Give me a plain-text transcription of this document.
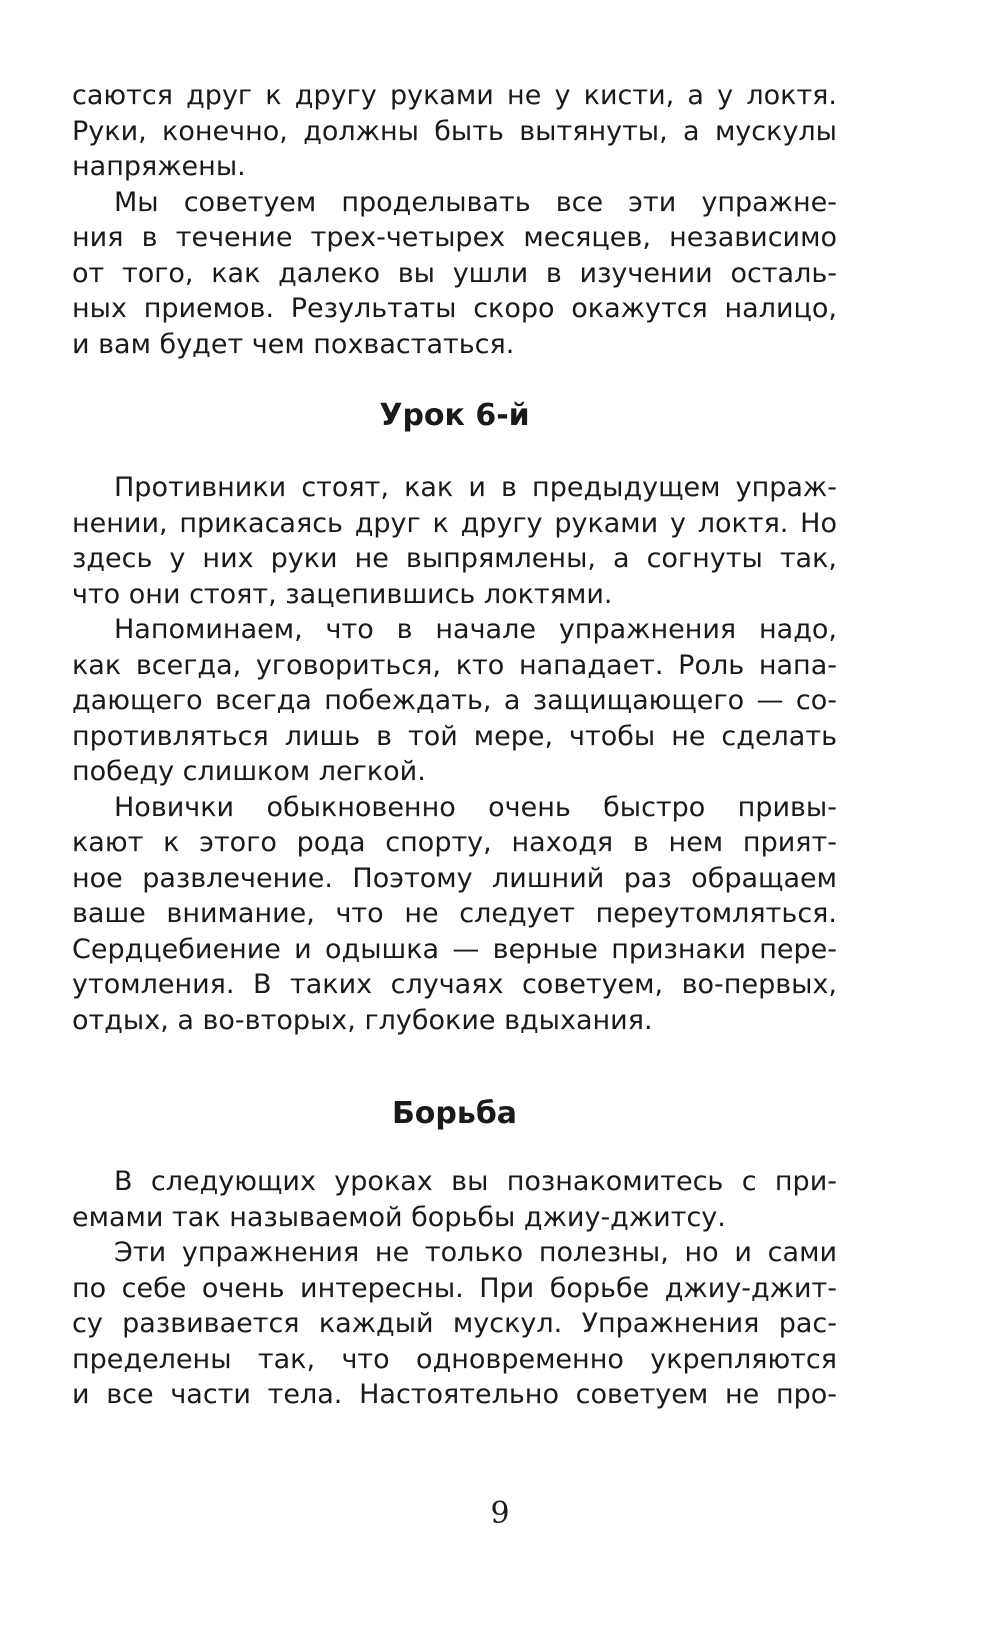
саются друг к другу руками не у кисти, а у локтя.
Руки, конечно, должны быть вытянуты, а мускулы
напряжены.
Мы советуем проделывать все эти упражне-
ния в течение трех-четырех месяцев, независимо
от того, как далеко вы ушли в изучении осталь-
ных приемов. Результаты скоро окажутся налицо,
и вам будет чем похвастаться.
Урок 6-й
Противники стоят, как и в предыдущем упраж-
нении, прикасаясь друг к другу руками у локтя. Но
здесь у них руки не выпрямлены, а согнуты так,
что они стоят, зацепившись локтями.
Напоминаем, что в начале упражнения надо,
как всегда, уговориться, кто нападает. Роль напа-
дающего всегда побеждать, а защищающего — со-
противляться лишь в той мере, чтобы не сделать
победу слишком легкой.
Новички обыкновенно очень быстро привы-
кают к этого рода спорту, находя в нем прият-
ное развлечение. Поэтому лишний раз обращаем
ваше внимание, что не следует переутомляться.
Сердцебиение и одышка — верные признаки пере-
утомления. В таких случаях советуем, во-первых,
отдых, а во-вторых, глубокие вдыхания.
Борьба
В следующих уроках вы познакомитесь с при-
емами так называемой борьбы джиу-джитсу.
Эти упражнения не только полезны, но и сами
по себе очень интересны. При борьбе джиу-джит-
су развивается каждый мускул. Упражнения рас-
пределены так, что одновременно укрепляются
и все части тела. Настоятельно советуем не про-
9
